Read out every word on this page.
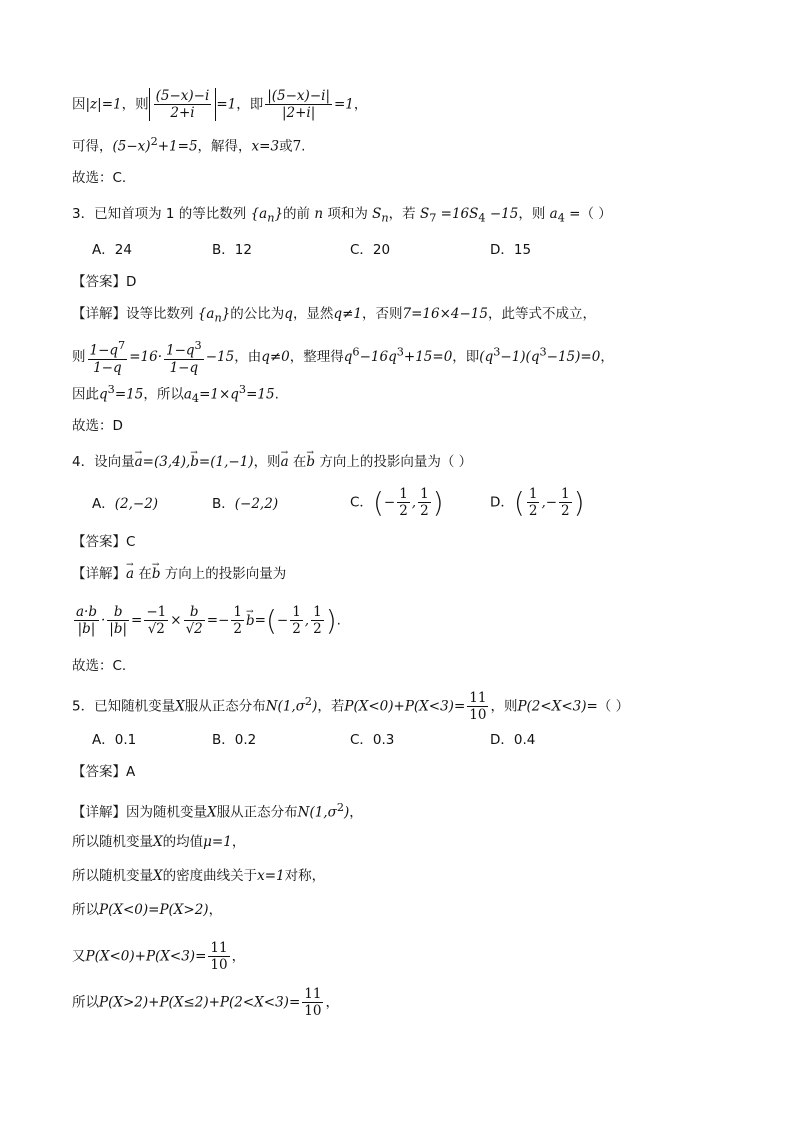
因|z|=1，则 $\frac{(5-x)-i}{2+i} =1$，即 $\frac{|(5-x)-i|}{|2+i|} =1$，
可得，$(5-x)^2+1=5$，解得，x=3或7.
故选：C.
3．已知首项为 1 的等比数列 $\{a_n\}$的前 n 项和为 $S_n$，若 $S_7 =16S_4 -15$，则 $a_4$ =（ ）
A．24	B．12	C．20	D．15
【答案】D
【详解】设等比数列 $\{a_n\}$的公比为q，显然q≠1，否则7=16×4−15，此等式不成立，
则 $\frac{1-q^7}{1-q} =16\cdot \frac{1-q^3}{1-q} -15$，由q≠0，整理得$q^6-16q^3+15=0$，即$(q^3-1)(q^3-15)=0$，
因此$q^3=15$，所以$a_4=1\times q^3=15$.
故选：D
4．设向量→ a=(3,4),→ b=(1,−1)，则→ a 在→ b 方向上的投影向量为（ ）
A．(2,−2)	B．(−2,2)	C．(− $\frac{1}{2}$ , $\frac{1}{2}$ )	D．( $\frac{1}{2}$ ,− $\frac{1}{2}$ )
【答案】C
【详解】→ a 在→ b 方向上的投影向量为
$\frac{a\cdot b}{|b|} \cdot \frac{b}{|b|} = \frac{-1}{√2} \times \frac{b}{√2} =- \frac{1}{2}$
→ $b=(- \frac{1}{2}$ , $\frac{1}{2}$ ).
故选：C.
5．已知随机变量X服从正态分布$N(1,\sigma^2)$，若$P(X<0)+P(X<3)= \frac{11}{10}$ ，则P(2<X<3)=（ ）
A．0.1	B．0.2	C．0.3	D．0.4
【答案】A
【详解】因为随机变量X服从正态分布$N(1,\sigma^2)$，
所以随机变量X的均值μ=1，
所以随机变量X的密度曲线关于x=1对称，
所以P(X<0)=P(X>2)，
又$P(X<0)+P(X<3)= \frac{11}{10}$ ，
所以$P(X>2)+P(X\le 2)+P(2<X<3)= \frac{11}{10}$ ，
